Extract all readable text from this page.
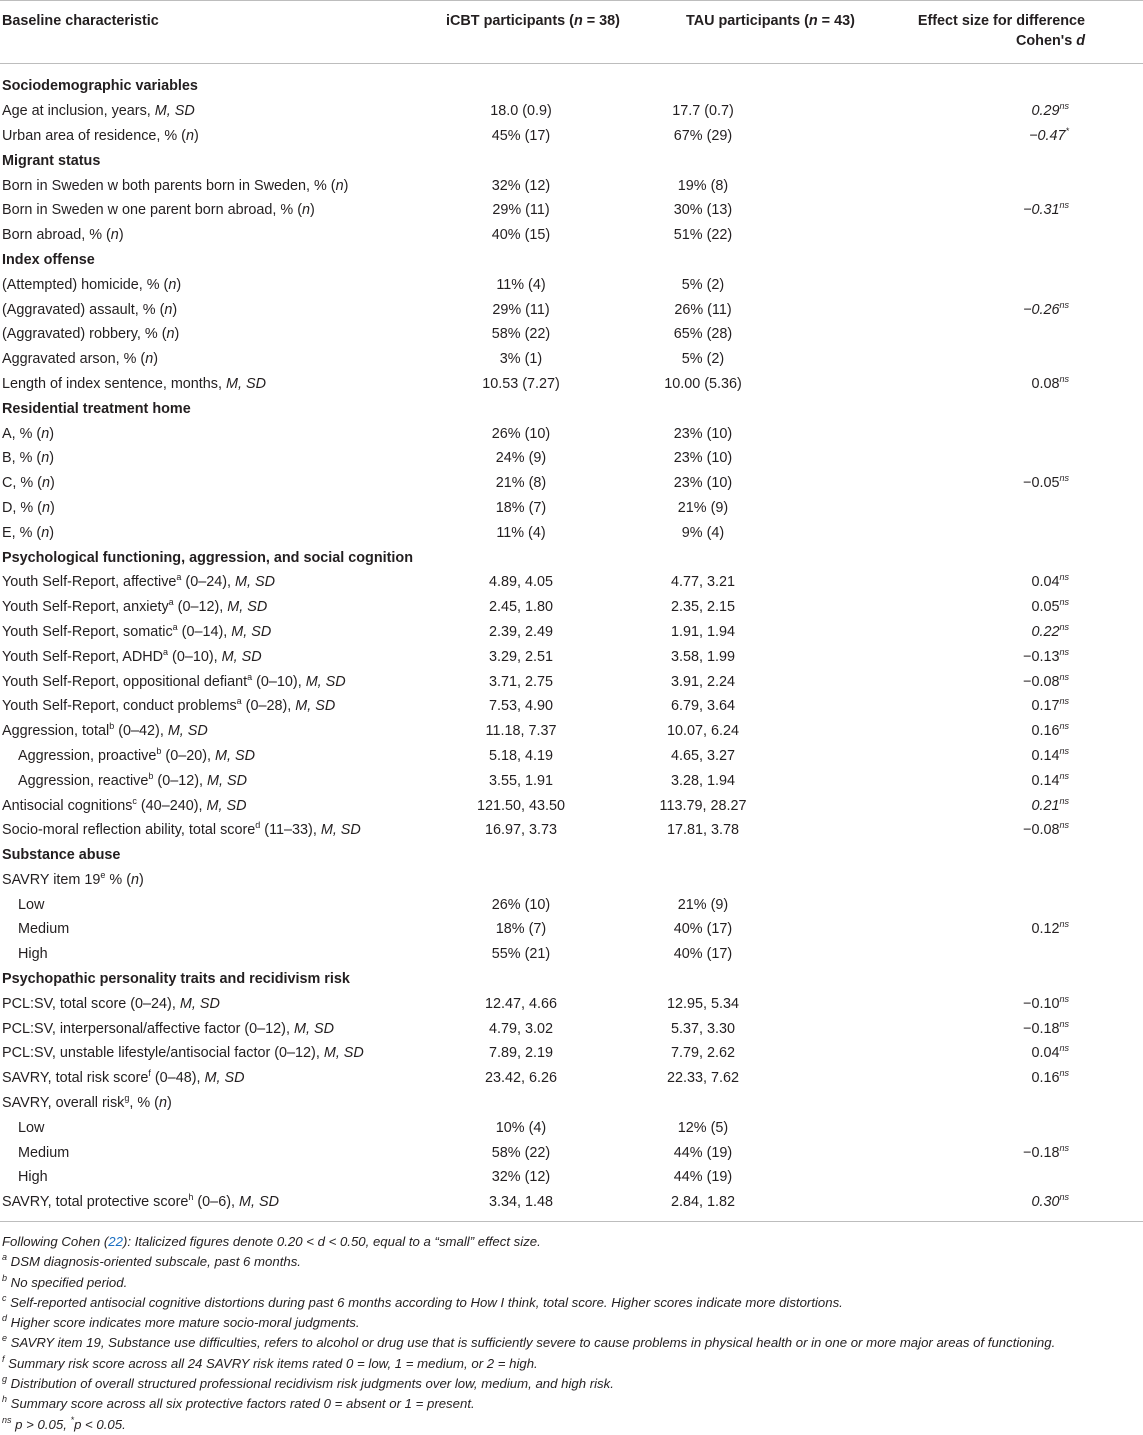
Baseline characteristic	iCBT participants (n = 38)	TAU participants (n = 43)	Effect size for difference
Cohen's d

Sociodemographic variables			
Age at inclusion, years, M, SD	18.0 (0.9)	17.7 (0.7)	$0.29^{ns}$
Urban area of residence, % (n)	45% (17)	67% (29)	−0.47*
Migrant status			
Born in Sweden w both parents born in Sweden, % (n)	32% (12)	19% (8)	
Born in Sweden w one parent born abroad, % (n)	29% (11)	30% (13)	$-0.31^{ns}$
Born abroad, % (n)	40% (15)	51% (22)	
Index offense			
(Attempted) homicide, % (n)	11% (4)	5% (2)	
(Aggravated) assault, % (n)	29% (11)	26% (11)	$-0.26^{ns}$
(Aggravated) robbery, % (n)	58% (22)	65% (28)	
Aggravated arson, % (n)	3% (1)	5% (2)	
Length of index sentence, months, M, SD	10.53 (7.27)	10.00 (5.36)	$0.08^{ns}$
Residential treatment home			
A, % (n)	26% (10)	23% (10)	
B, % (n)	24% (9)	23% (10)	
C, % (n)	21% (8)	23% (10)	$-0.05^{ns}$
D, % (n)	18% (7)	21% (9)	
E, % (n)	11% (4)	9% (4)	
Psychological functioning, aggression, and social cognition			
Youth Self-Report, affective$^a$ (0–24), M, SD	4.89, 4.05	4.77, 3.21	$0.04^{ns}$
Youth Self-Report, anxiety$^a$ (0–12), M, SD	2.45, 1.80	2.35, 2.15	$0.05^{ns}$
Youth Self-Report, somatic$^a$ (0–14), M, SD	2.39, 2.49	1.91, 1.94	$0.22^{ns}$
Youth Self-Report, ADHD$^a$ (0–10), M, SD	3.29, 2.51	3.58, 1.99	$-0.13^{ns}$
Youth Self-Report, oppositional defiant$^a$ (0–10), M, SD	3.71, 2.75	3.91, 2.24	$-0.08^{ns}$
Youth Self-Report, conduct problems$^a$ (0–28), M, SD	7.53, 4.90	6.79, 3.64	$0.17^{ns}$
Aggression, total$^b$ (0–42), M, SD	11.18, 7.37	10.07, 6.24	$0.16^{ns}$
Aggression, proactive$^b$ (0–20), M, SD	5.18, 4.19	4.65, 3.27	$0.14^{ns}$
Aggression, reactive$^b$ (0–12), M, SD	3.55, 1.91	3.28, 1.94	$0.14^{ns}$
Antisocial cognitions$^c$ (40–240), M, SD	121.50, 43.50	113.79, 28.27	$0.21^{ns}$
Socio-moral reflection ability, total score$^d$ (11–33), M, SD	16.97, 3.73	17.81, 3.78	$-0.08^{ns}$
Substance abuse			
SAVRY item 19e % (n)			
Low	26% (10)	21% (9)	
Medium	18% (7)	40% (17)	$0.12^{ns}$
High	55% (21)	40% (17)	
Psychopathic personality traits and recidivism risk			
PCL:SV, total score (0–24), M, SD	12.47, 4.66	12.95, 5.34	$-0.10^{ns}$
PCL:SV, interpersonal/affective factor (0–12), M, SD	4.79, 3.02	5.37, 3.30	$-0.18^{ns}$
PCL:SV, unstable lifestyle/antisocial factor (0–12), M, SD	7.89, 2.19	7.79, 2.62	$0.04^{ns}$
SAVRY, total risk score$^f$ (0–48), M, SD	23.42, 6.26	22.33, 7.62	$0.16^{ns}$
SAVRY, overall risk$^g$, % (n)			
Low	10% (4)	12% (5)	
Medium	58% (22)	44% (19)	$-0.18^{ns}$
High	32% (12)	44% (19)	
SAVRY, total protective score$^h$ (0–6), M, SD	3.34, 1.48	2.84, 1.82	$0.30^{ns}$
Following Cohen (22): Italicized figures denote 0.20 < d < 0.50, equal to a “small” effect size.
$^a$ DSM diagnosis-oriented subscale, past 6 months.
$^b$ No specified period.
$^c$ Self-reported antisocial cognitive distortions during past 6 months according to How I think, total score. Higher scores indicate more distortions.
$^d$ Higher score indicates more mature socio-moral judgments.
$^e$ SAVRY item 19, Substance use difficulties, refers to alcohol or drug use that is sufficiently severe to cause problems in physical health or in one or more major areas of functioning.
$^f$ Summary risk score across all 24 SAVRY risk items rated 0 = low, 1 = medium, or 2 = high.
$^g$ Distribution of overall structured professional recidivism risk judgments over low, medium, and high risk.
$^h$ Summary score across all six protective factors rated 0 = absent or 1 = present.
$^{ns}$ p > 0.05, *p < 0.05.
